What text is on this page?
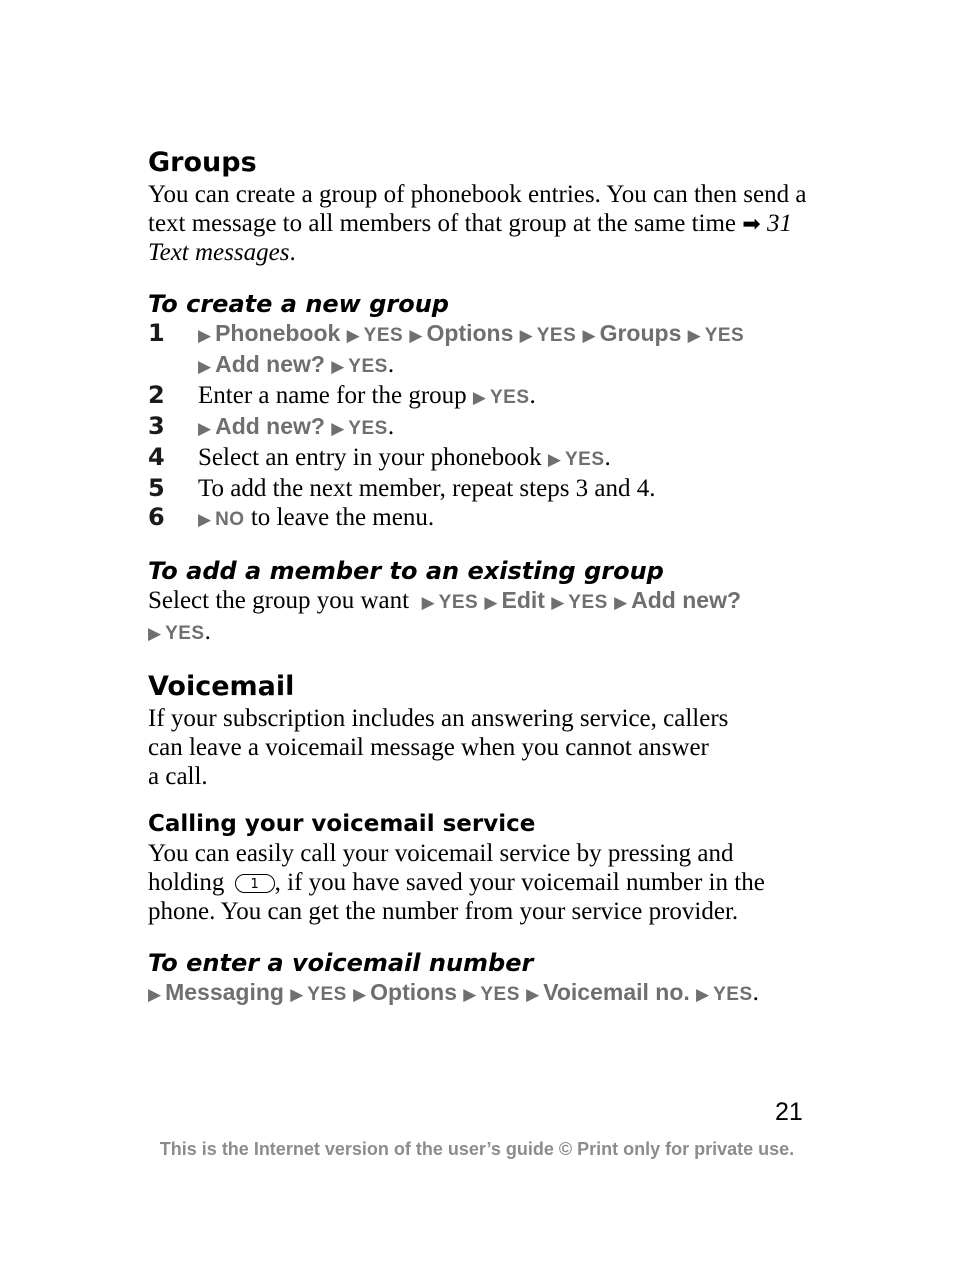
Groups

You can create a group of phonebook entries. You can then send a text message to all members of that group at the same time ➡ 31 Text messages.

To create a new group
1 ▶ Phonebook ▶ YES ▶ Options ▶ YES ▶ Groups ▶ YES
▶ Add new? ▶ YES.
2 Enter a name for the group ▶ YES.
3 ▶ Add new? ▶ YES.
4 Select an entry in your phonebook ▶ YES.
5 To add the next member, repeat steps 3 and 4.
6 ▶ NO to leave the menu.
To add a member to an existing group

Select the group you want ▶ YES ▶ Edit ▶ YES ▶ Add new?
▶ YES.

Voicemail

If your subscription includes an answering service, callers
can leave a voicemail message when you cannot answer
a call.

Calling your voicemail service

You can easily call your voicemail service by pressing and
holding 1 , if you have saved your voicemail number in the
phone. You can get the number from your service provider.

To enter a voicemail number

▶ Messaging ▶ YES ▶ Options ▶ YES ▶ Voicemail no. ▶ YES.

21
This is the Internet version of the user’s guide © Print only for private use.
